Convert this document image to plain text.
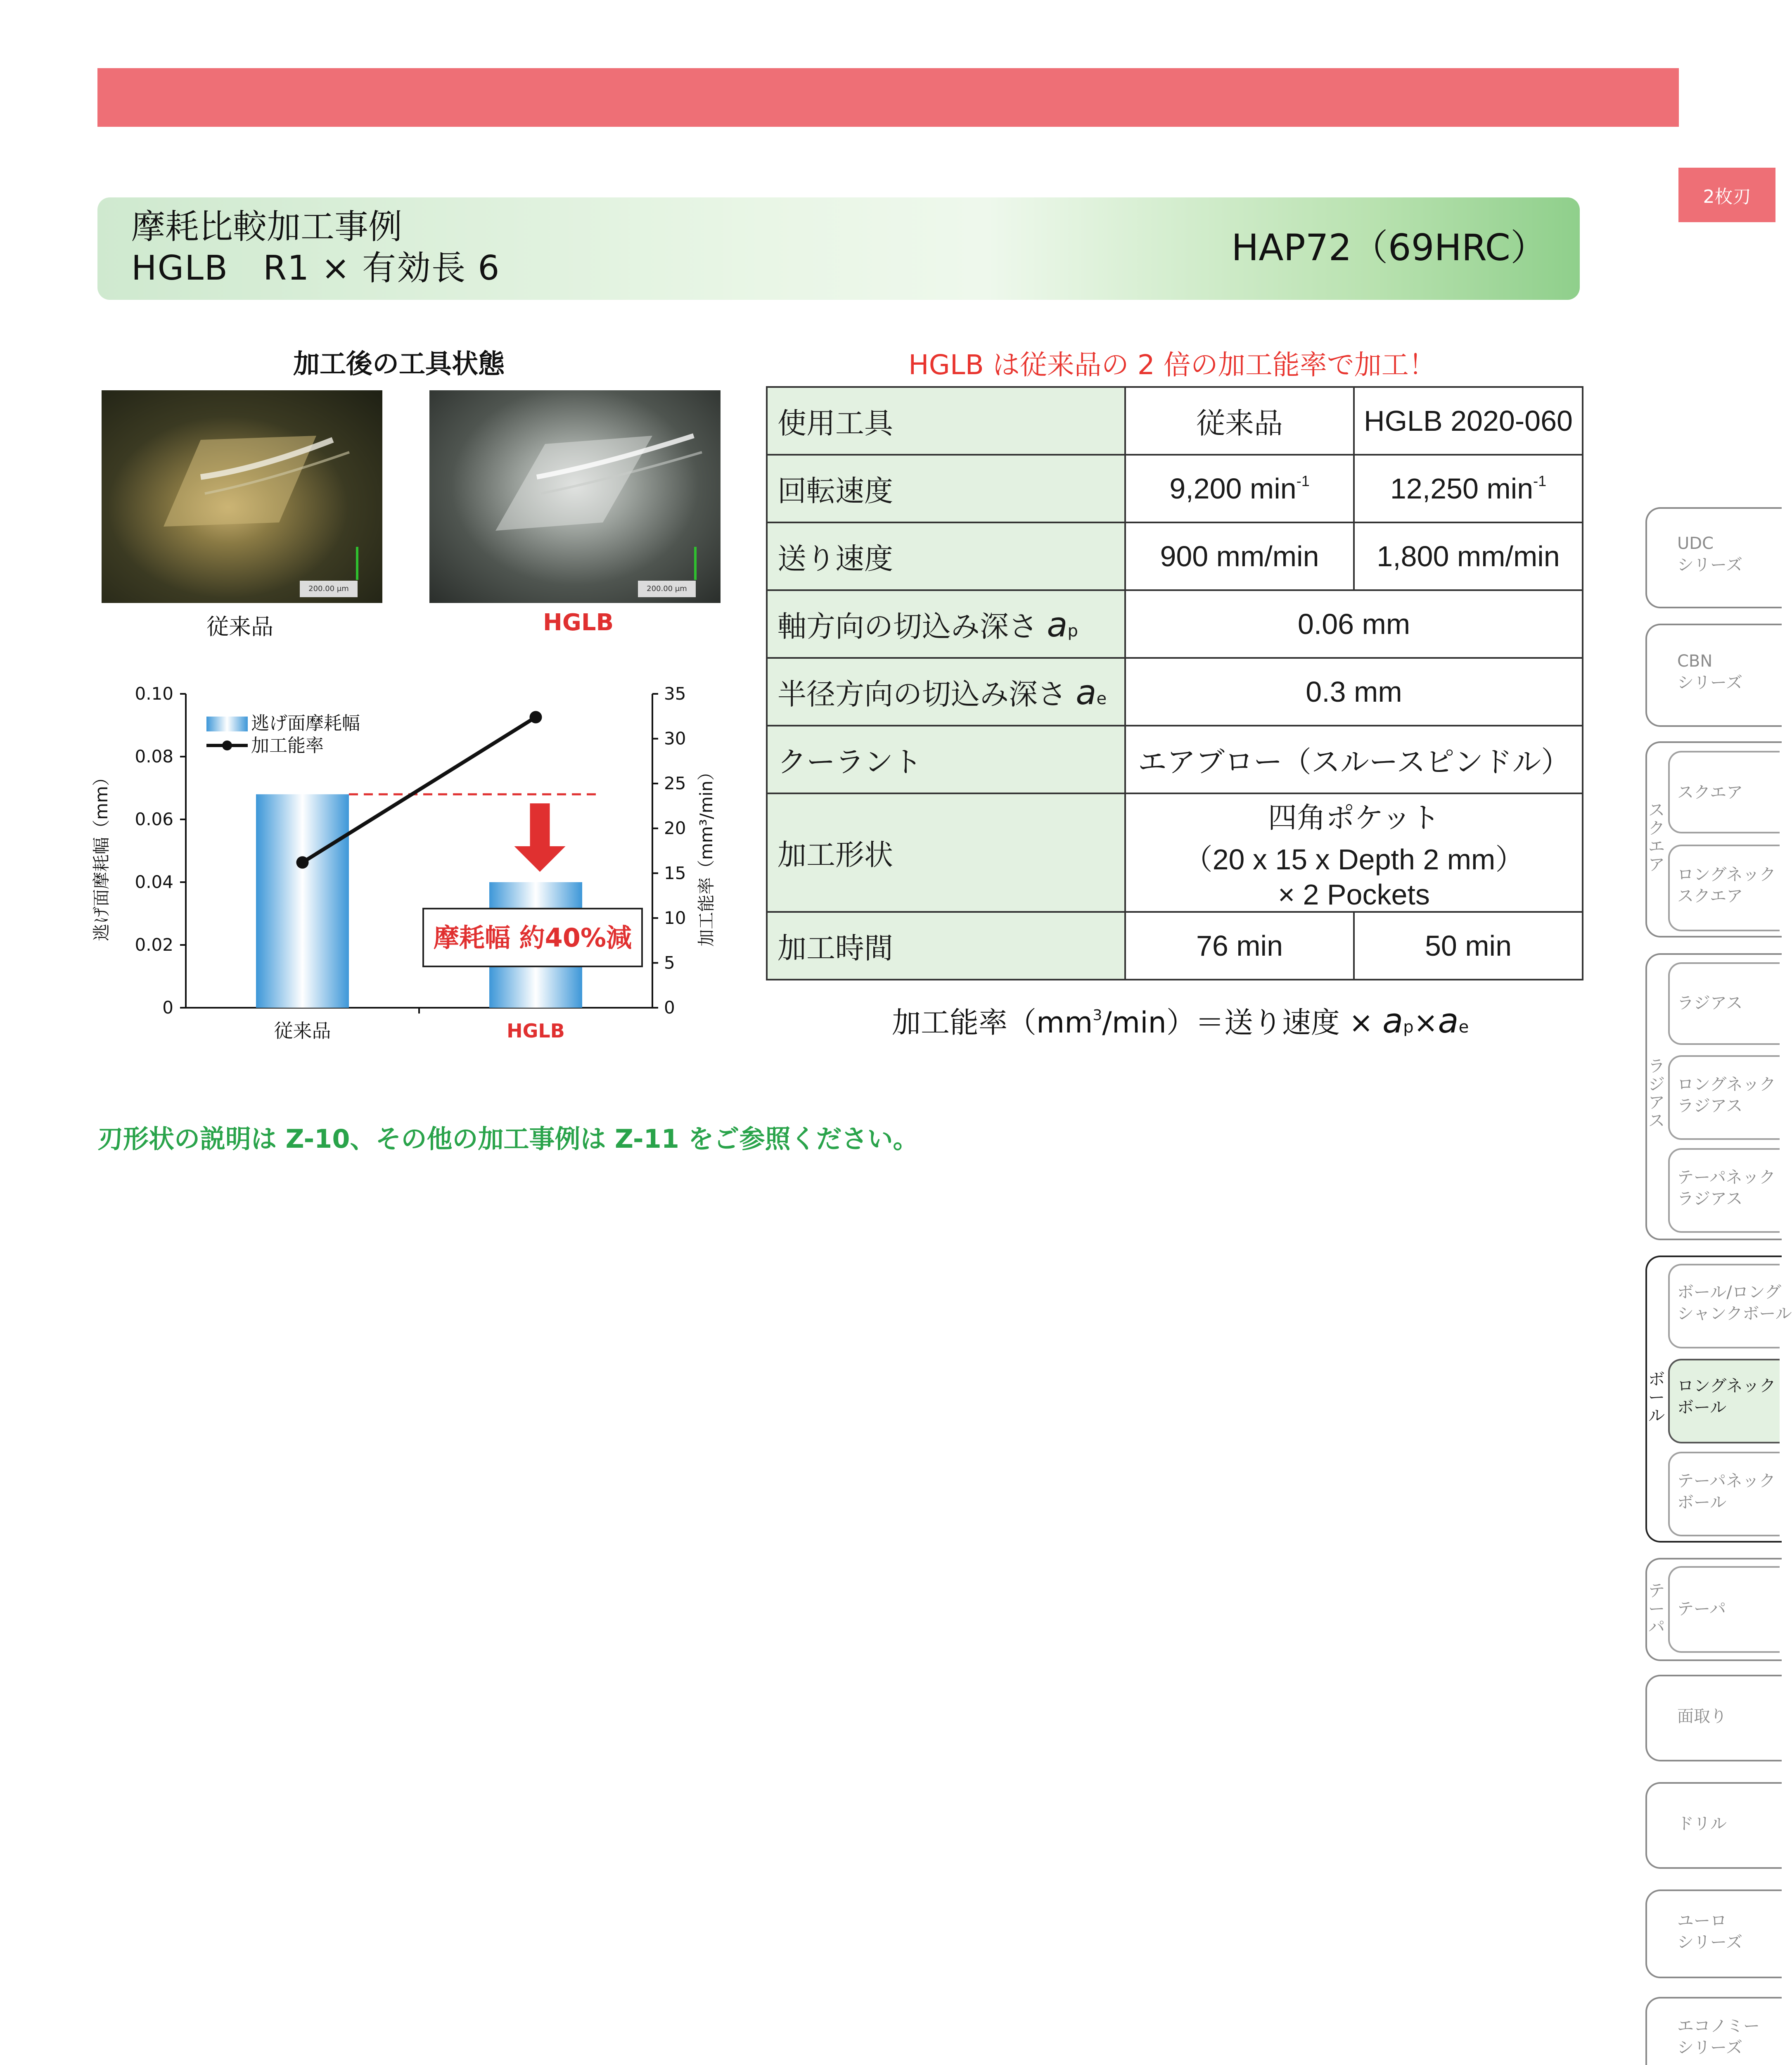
2枚刃
摩耗比較加工事例
HGLB　R1 × 有効長 6	HAP72（69HRC）
加工後の工具状態
200.00 μm	200.00 μm
従来品	HGLB
0
0.02
0.04
0.06
0.08
0.10
0
5
10
15
20
25
30
35
従来品	HGLB
逃げ面摩耗幅
加工能率
逃げ面摩耗幅（mm）	加工能率（mm³/min）
摩耗幅 約40%減
HGLB は従来品の 2 倍の加工能率で加工！
使用工具	従来品	HGLB 2020-060
回転速度	9,200 $\min^{-1}$	12,250 $\min^{-1}$
送り速度	900 mm/min	1,800 mm/min
軸方向の切込み深さ ap	0.06 mm	
半径方向の切込み深さ ae	0.3 mm	
クーラント	エアブロー（スルースピンドル）	
加工形状	四角ポケット
（20 x 15 x Depth 2 mm）
× 2 Pockets	

加工時間	76 min	50 min
加工能率$(mm^3/\min)=$送り速度 × ap×ae
刃形状の説明は Z-10、その他の加工事例は Z-11 をご参照ください。
UDC
シリーズ
CBN
シリーズ
スクエア
スクエア
ロングネック
スクエア
ラジアス
ラジアス
ロングネック
ラジアス
テーパネック
ラジアス
ボール
ボール/ロング
シャンクボール
ロングネック
ボール
テーパネック
ボール
テーパ
テーパ
面取り
ドリル
ユーロ
シリーズ
エコノミー
シリーズ
